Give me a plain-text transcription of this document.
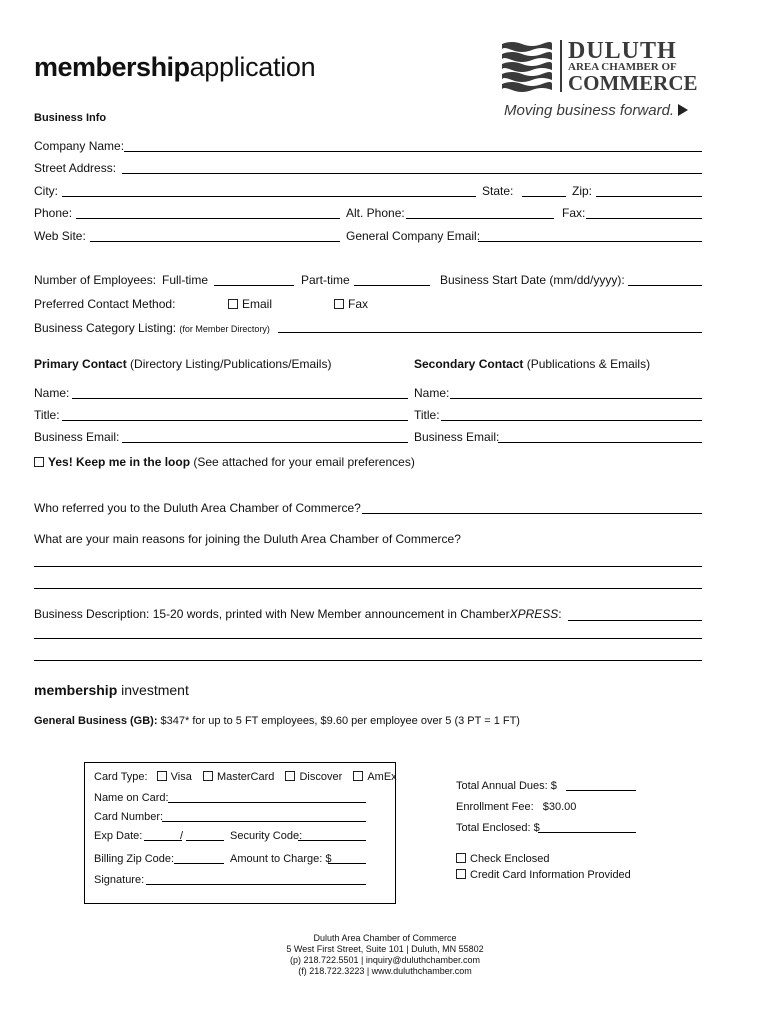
membershipapplication
Business Info
DULUTH
AREA CHAMBER OF
COMMERCE
Moving business forward.
Company Name:
Street Address:
City:	State:	Zip:
Phone:	Alt. Phone:	Fax:
Web Site:	General Company Email:
Number of Employees: Full-time	Part-time	Business Start Date (mm/dd/yyyy):
Preferred Contact Method:	Email	Fax
Business Category Listing: (for Member Directory)
Primary Contact (Directory Listing/Publications/Emails)	Secondary Contact (Publications & Emails)
Name:	Name:
Title:	Title:
Business Email:	Business Email:
Yes! Keep me in the loop (See attached for your email preferences)
Who referred you to the Duluth Area Chamber of Commerce?
What are your main reasons for joining the Duluth Area Chamber of Commerce?
Business Description: 15-20 words, printed with New Member announcement in ChamberXPRESS:
membership investment
General Business (GB): $347* for up to 5 FT employees, $9.60 per employee over 5 (3 PT = 1 FT)
Card Type: Visa MasterCard Discover AmEx
Name on Card:
Card Number:
Exp Date:	/	Security Code:
Billing Zip Code:	Amount to Charge: $
Signature:
Total Annual Dues: $
Enrollment Fee: $30.00
Total Enclosed: $
Check Enclosed
Credit Card Information Provided
Duluth Area Chamber of Commerce
5 West First Street, Suite 101 | Duluth, MN 55802
(p) 218.722.5501 | inquiry@duluthchamber.com
(f) 218.722.3223 | www.duluthchamber.com
